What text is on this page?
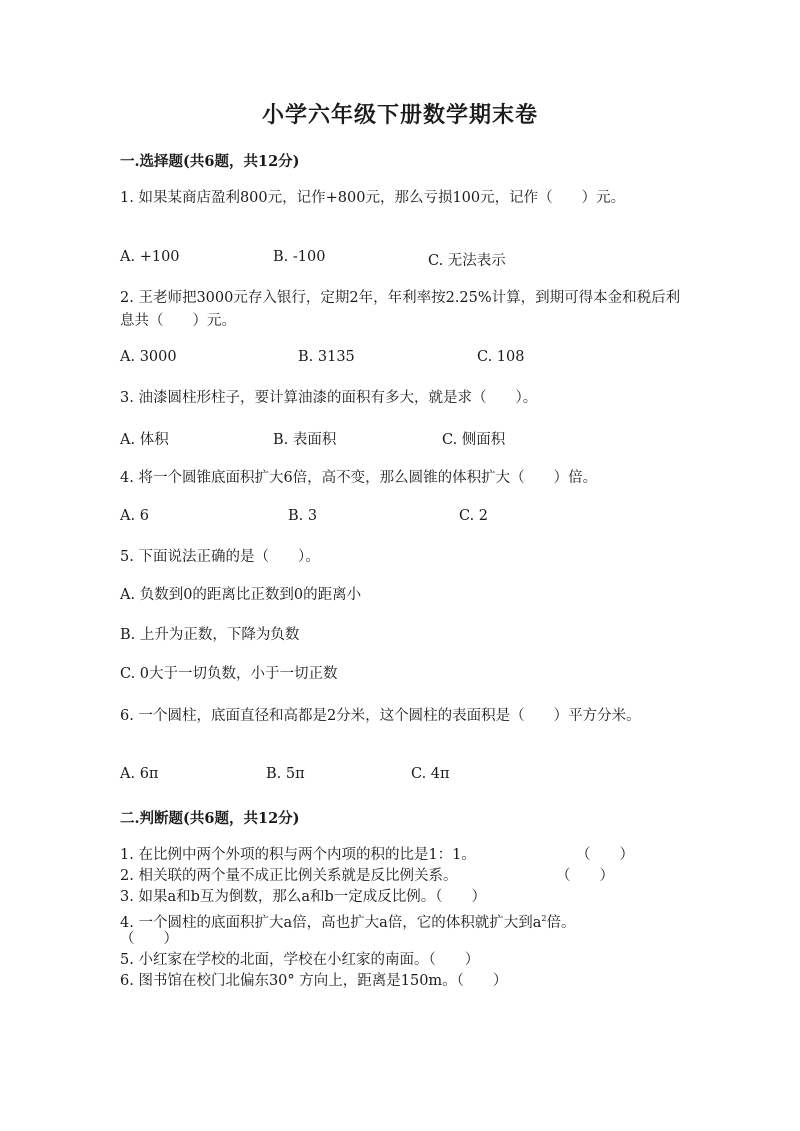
小学六年级下册数学期末卷
一.选择题(共6题，共12分)
1. 如果某商店盈利800元，记作+800元，那么亏损100元，记作（　　）元。
A. +100	B. -100	C. 无法表示
2. 王老师把3000元存入银行，定期2年，年利率按2.25%计算，到期可得本金和税后利息共（　　）元。
A. 3000	B. 3135	C. 108
3. 油漆圆柱形柱子，要计算油漆的面积有多大，就是求（　　）。
A. 体积	B. 表面积	C. 侧面积
4. 将一个圆锥底面积扩大6倍，高不变，那么圆锥的体积扩大（　　）倍。
A. 6	B. 3	C. 2
5. 下面说法正确的是（　　）。
A. 负数到0的距离比正数到0的距离小
B. 上升为正数，下降为负数
C. 0大于一切负数，小于一切正数
6. 一个圆柱，底面直径和高都是2分米，这个圆柱的表面积是（　　）平方分米。
A. 6π	B. 5π	C. 4π
二.判断题(共6题，共12分)
1. 在比例中两个外项的积与两个内项的积的比是1：1。	（　　）
2. 相关联的两个量不成正比例关系就是反比例关系。	（　　）
3. 如果a和b互为倒数，那么a和b一定成反比例。（　　）
4. 一个圆柱的底面积扩大a倍，高也扩大a倍，它的体积就扩大到$a^2$倍。
（　　）
5. 小红家在学校的北面，学校在小红家的南面。（　　）
6. 图书馆在校门北偏东30° 方向上，距离是150m。（　　）
